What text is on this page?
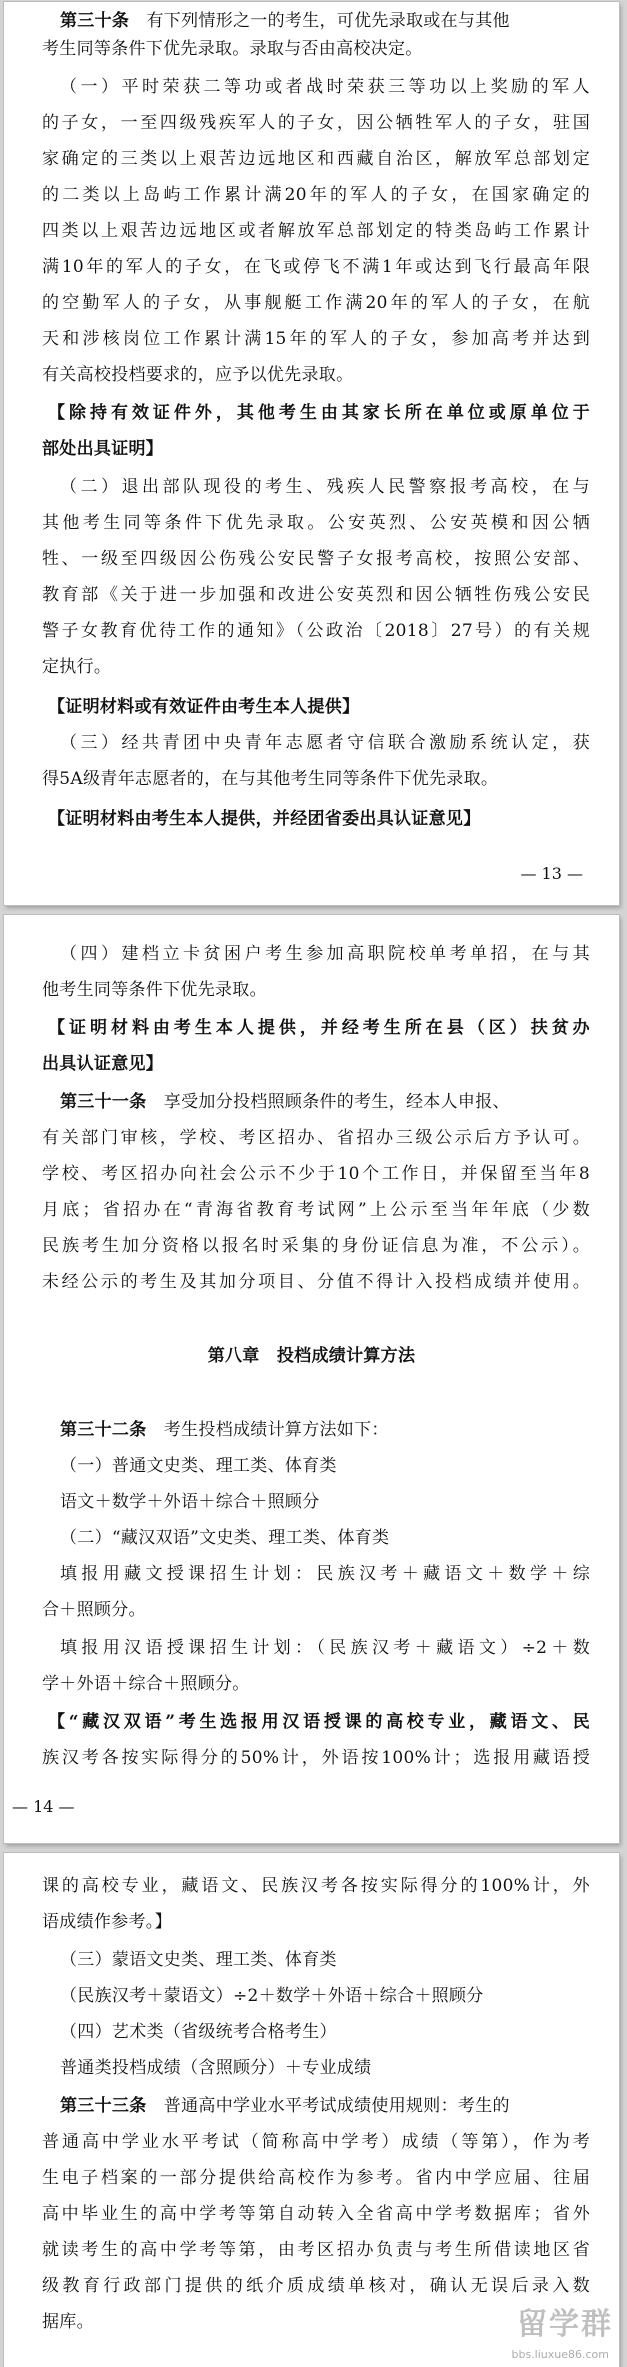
第三十条　有下列情形之一的考生，可优先录取或在与其他
考生同等条件下优先录取。录取与否由高校决定。
（一）平时荣获二等功或者战时荣获三等功以上奖励的军人
的子女，一至四级残疾军人的子女，因公牺牲军人的子女，驻国
家确定的三类以上艰苦边远地区和西藏自治区，解放军总部划定
的二类以上岛屿工作累计满20年的军人的子女，在国家确定的
四类以上艰苦边远地区或者解放军总部划定的特类岛屿工作累计
满10年的军人的子女，在飞或停飞不满1年或达到飞行最高年限
的空勤军人的子女，从事舰艇工作满20年的军人的子女，在航
天和涉核岗位工作累计满15年的军人的子女，参加高考并达到
有关高校投档要求的，应予以优先录取。
【除持有效证件外，其他考生由其家长所在单位或原单位于
部处出具证明】
（二）退出部队现役的考生、残疾人民警察报考高校，在与
其他考生同等条件下优先录取。公安英烈、公安英模和因公牺
牲、一级至四级因公伤残公安民警子女报考高校，按照公安部、
教育部《关于进一步加强和改进公安英烈和因公牺牲伤残公安民
警子女教育优待工作的通知》（公政治〔2018〕27号）的有关规
定执行。
【证明材料或有效证件由考生本人提供】
（三）经共青团中央青年志愿者守信联合激励系统认定，获
得5A级青年志愿者的，在与其他考生同等条件下优先录取。
【证明材料由考生本人提供，并经团省委出具认证意见】
— 13 —
（四）建档立卡贫困户考生参加高职院校单考单招，在与其
他考生同等条件下优先录取。
【证明材料由考生本人提供，并经考生所在县（区）扶贫办
出具认证意见】
第三十一条　享受加分投档照顾条件的考生，经本人申报、
有关部门审核，学校、考区招办、省招办三级公示后方予认可。
学校、考区招办向社会公示不少于10个工作日，并保留至当年8
月底；省招办在“青海省教育考试网”上公示至当年年底（少数
民族考生加分资格以报名时采集的身份证信息为准，不公示）。
未经公示的考生及其加分项目、分值不得计入投档成绩并使用。
第八章　投档成绩计算方法
第三十二条　考生投档成绩计算方法如下：
（一）普通文史类、理工类、体育类
语文＋数学＋外语＋综合＋照顾分
（二）“藏汉双语”文史类、理工类、体育类
填报用藏文授课招生计划：民族汉考＋藏语文＋数学＋综
合＋照顾分。
填报用汉语授课招生计划：（民族汉考＋藏语文）÷2＋数
学＋外语＋综合＋照顾分。
【“藏汉双语”考生选报用汉语授课的高校专业，藏语文、民
族汉考各按实际得分的50%计，外语按100%计；选报用藏语授
— 14 —
课的高校专业，藏语文、民族汉考各按实际得分的100%计，外
语成绩作参考。】
（三）蒙语文史类、理工类、体育类
（民族汉考＋蒙语文）÷2＋数学＋外语＋综合＋照顾分
（四）艺术类（省级统考合格考生）
普通类投档成绩（含照顾分）＋专业成绩
第三十三条　普通高中学业水平考试成绩使用规则：考生的
普通高中学业水平考试（简称高中学考）成绩（等第），作为考
生电子档案的一部分提供给高校作为参考。省内中学应届、往届
高中毕业生的高中学考等第自动转入全省高中学考数据库；省外
就读考生的高中学考等第，由考区招办负责与考生所借读地区省
级教育行政部门提供的纸介质成绩单核对，确认无误后录入数
据库。	留学群
bbs.liuxue86.com
